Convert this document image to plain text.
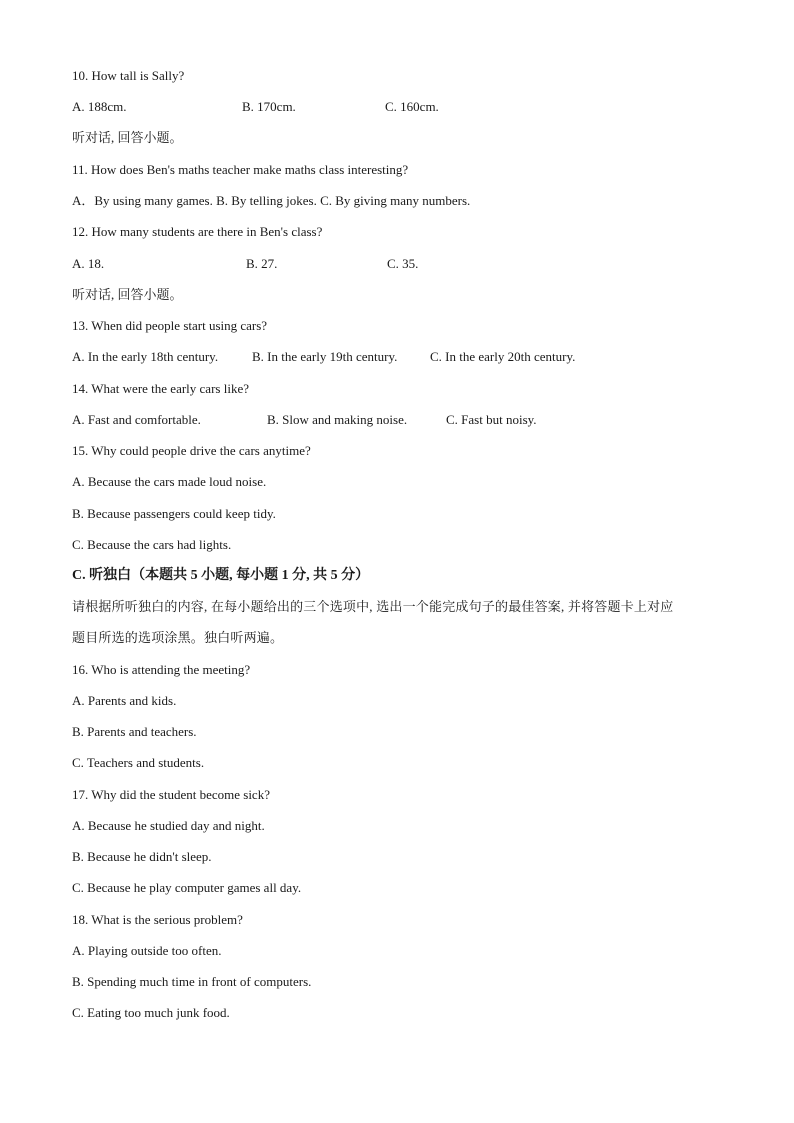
10. How tall is Sally?
A. 188cm.	B. 170cm.	C. 160cm.
听对话, 回答小题。
11. How does Ben's maths teacher make maths class interesting?
A．By using many games. B. By telling jokes. C. By giving many numbers.
12. How many students are there in Ben's class?
A. 18.	B. 27.	C. 35.
听对话, 回答小题。
13. When did people start using cars?
A. In the early 18th century.	B. In the early 19th century.	C. In the early 20th century.
14. What were the early cars like?
A. Fast and comfortable.	B. Slow and making noise.	C. Fast but noisy.
15. Why could people drive the cars anytime?
A. Because the cars made loud noise.
B. Because passengers could keep tidy.
C. Because the cars had lights.
C. 听独白（本题共 5 小题, 每小题 1 分, 共 5 分）
请根据所听独白的内容, 在每小题给出的三个选项中, 选出一个能完成句子的最佳答案, 并将答题卡上对应
题目所选的选项涂黑。独白听两遍。
16. Who is attending the meeting?
A. Parents and kids.
B. Parents and teachers.
C. Teachers and students.
17. Why did the student become sick?
A. Because he studied day and night.
B. Because he didn't sleep.
C. Because he play computer games all day.
18. What is the serious problem?
A. Playing outside too often.
B. Spending much time in front of computers.
C. Eating too much junk food.
